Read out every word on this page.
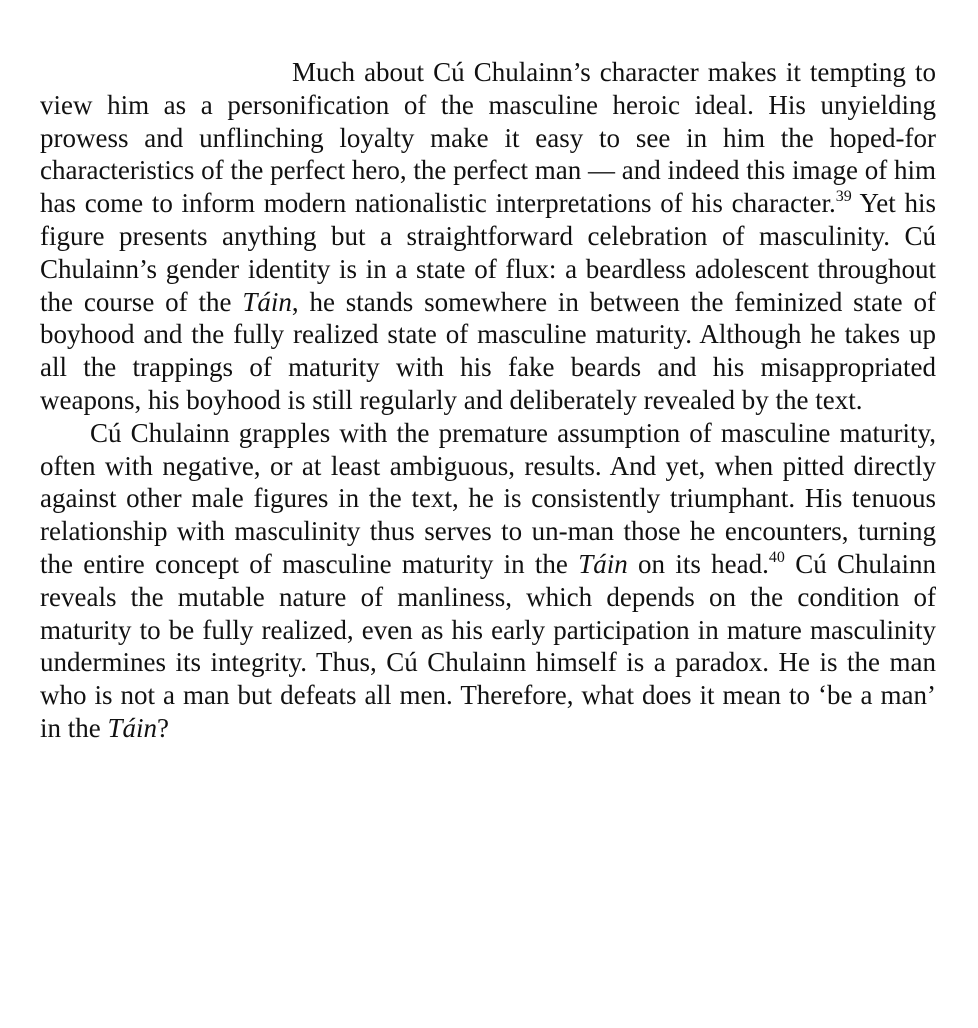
Much about Cú Chulainn’s character makes it tempting to view him as a personification of the masculine heroic ideal. His unyielding prowess and unflinching loyalty make it easy to see in him the hoped-for characteristics of the perfect hero, the perfect man — and indeed this image of him has come to inform modern nationalistic interpretations of his character.$^{39}$ Yet his figure presents anything but a straightforward celebration of masculinity. Cú Chulainn’s gender identity is in a state of flux: a beardless adolescent throughout the course of the Táin, he stands somewhere in between the feminized state of boyhood and the fully realized state of masculine maturity. Although he takes up all the trappings of maturity with his fake beards and his misappropriated weapons, his boyhood is still regularly and deliberately revealed by the text.

Cú Chulainn grapples with the premature assumption of masculine maturity, often with negative, or at least ambiguous, results. And yet, when pitted directly against other male figures in the text, he is consistently triumphant. His tenuous relationship with masculinity thus serves to un-man those he encounters, turning the entire concept of masculine maturity in the Táin on its head.$^{40}$ Cú Chulainn reveals the mutable nature of manliness, which depends on the condition of maturity to be fully realized, even as his early participation in mature masculinity undermines its integrity. Thus, Cú Chulainn himself is a paradox. He is the man who is not a man but defeats all men. Therefore, what does it mean to ‘be a man’ in the Táin?
